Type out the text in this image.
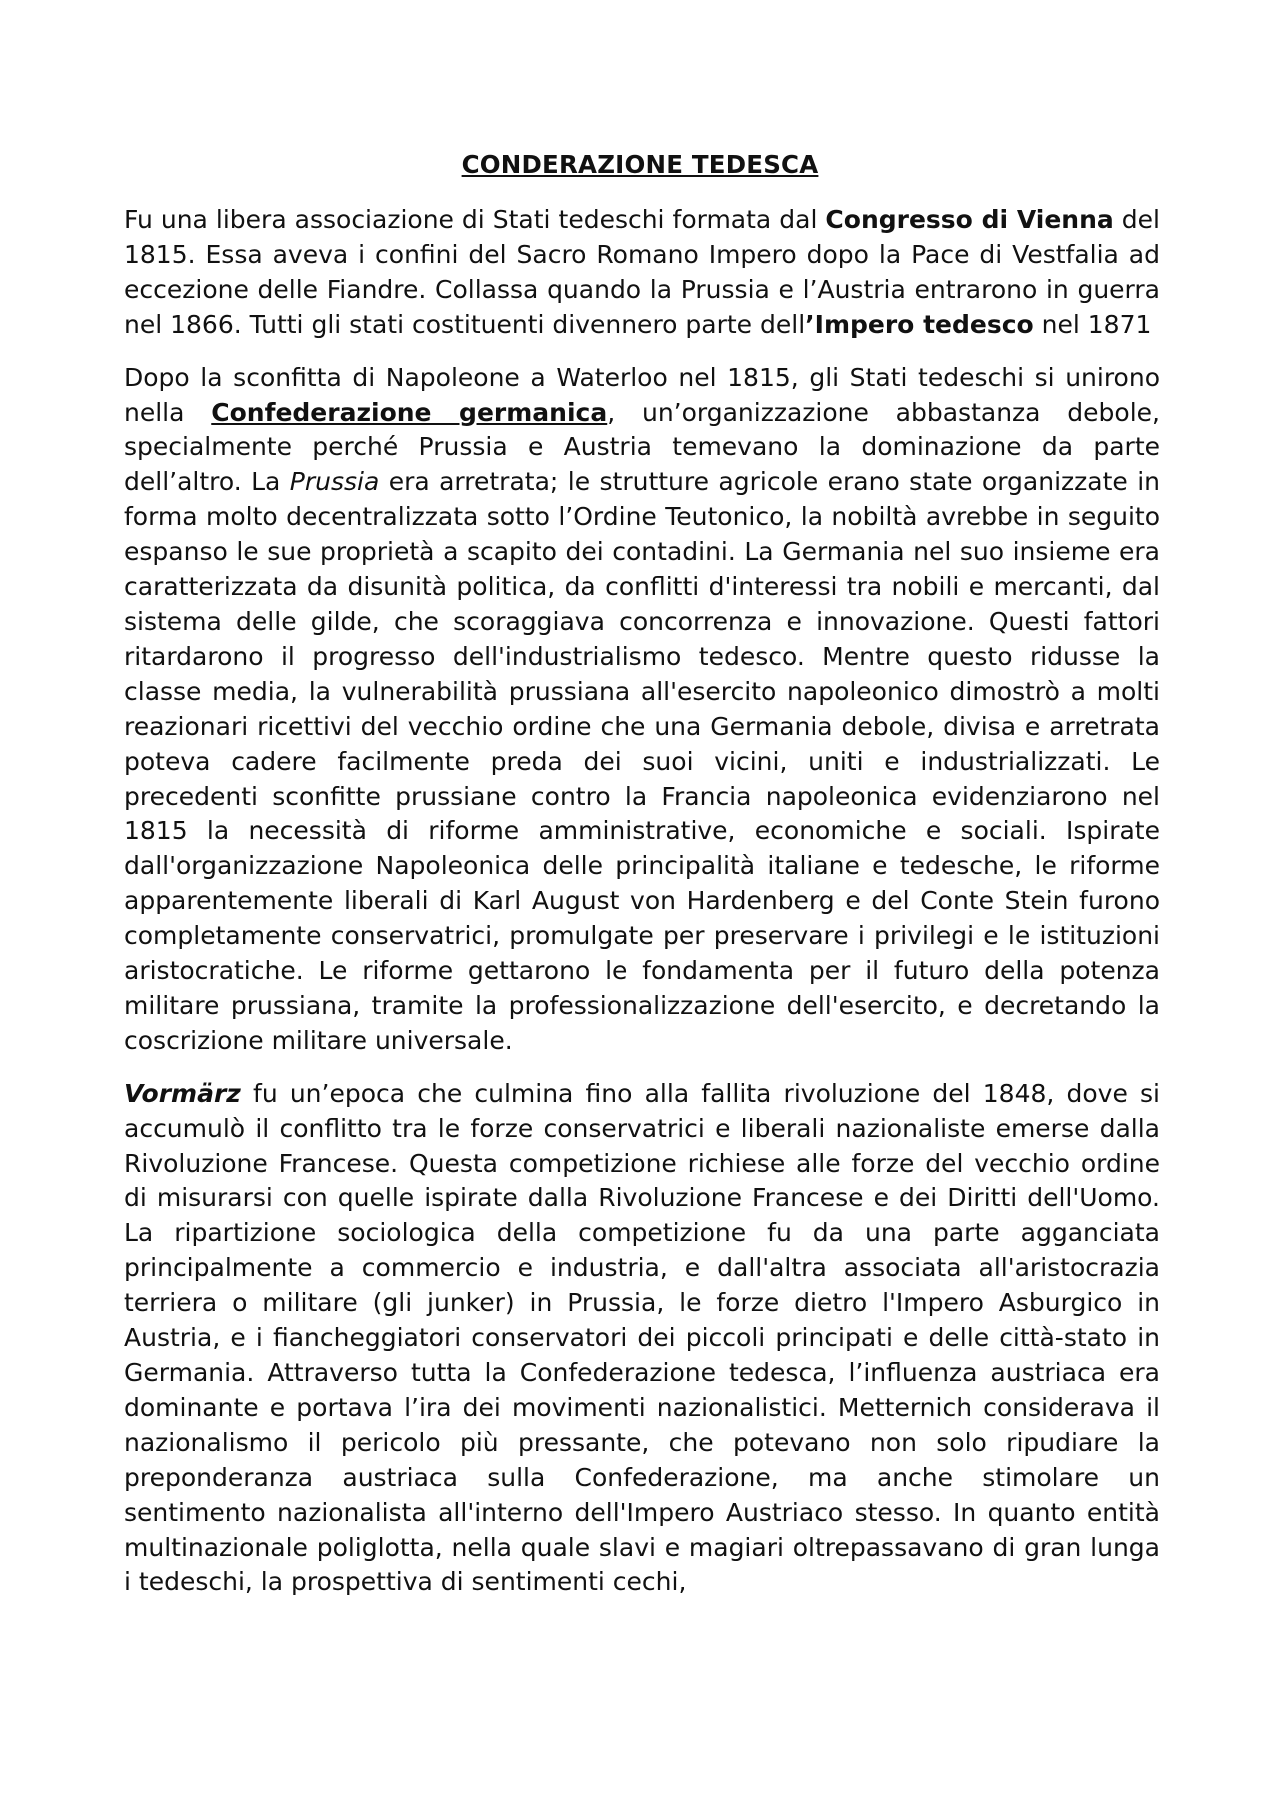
CONDERAZIONE TEDESCA

Fu una libera associazione di Stati tedeschi formata dal Congresso di Vienna del 1815. Essa aveva i confini del Sacro Romano Impero dopo la Pace di Vestfalia ad eccezione delle Fiandre. Collassa quando la Prussia e l’Austria entrarono in guerra nel 1866. Tutti gli stati costituenti divennero parte dell’Impero tedesco nel 1871

Dopo la sconfitta di Napoleone a Waterloo nel 1815, gli Stati tedeschi si unirono nella Confederazione germanica, un’organizzazione abbastanza debole, specialmente perché Prussia e Austria temevano la dominazione da parte dell’altro. La Prussia era arretrata; le strutture agricole erano state organizzate in forma molto decentralizzata sotto l’Ordine Teutonico, la nobiltà avrebbe in seguito espanso le sue proprietà a scapito dei contadini. La Germania nel suo insieme era caratterizzata da disunità politica, da conflitti d'interessi tra nobili e mercanti, dal sistema delle gilde, che scoraggiava concorrenza e innovazione. Questi fattori ritardarono il progresso dell'industrialismo tedesco. Mentre questo ridusse la classe media, la vulnerabilità prussiana all'esercito napoleonico dimostrò a molti reazionari ricettivi del vecchio ordine che una Germania debole, divisa e arretrata poteva cadere facilmente preda dei suoi vicini, uniti e industrializzati. Le precedenti sconfitte prussiane contro la Francia napoleonica evidenziarono nel 1815 la necessità di riforme amministrative, economiche e sociali. Ispirate dall'organizzazione Napoleonica delle principalità italiane e tedesche, le riforme apparentemente liberali di Karl August von Hardenberg e del Conte Stein furono completamente conservatrici, promulgate per preservare i privilegi e le istituzioni aristocratiche. Le riforme gettarono le fondamenta per il futuro della potenza militare prussiana, tramite la professionalizzazione dell'esercito, e decretando la coscrizione militare universale.

Vormärz fu un’epoca che culmina fino alla fallita rivoluzione del 1848, dove si accumulò il conflitto tra le forze conservatrici e liberali nazionaliste emerse dalla Rivoluzione Francese. Questa competizione richiese alle forze del vecchio ordine di misurarsi con quelle ispirate dalla Rivoluzione Francese e dei Diritti dell'Uomo. La ripartizione sociologica della competizione fu da una parte agganciata principalmente a commercio e industria, e dall'altra associata all'aristocrazia terriera o militare (gli junker) in Prussia, le forze dietro l'Impero Asburgico in Austria, e i fiancheggiatori conservatori dei piccoli principati e delle città-stato in Germania. Attraverso tutta la Confederazione tedesca, l’influenza austriaca era dominante e portava l’ira dei movimenti nazionalistici. Metternich considerava il nazionalismo il pericolo più pressante, che potevano non solo ripudiare la preponderanza austriaca sulla Confederazione, ma anche stimolare un sentimento nazionalista all'interno dell'Impero Austriaco stesso. In quanto entità multinazionale poliglotta, nella quale slavi e magiari oltrepassavano di gran lunga i tedeschi, la prospettiva di sentimenti cechi,
